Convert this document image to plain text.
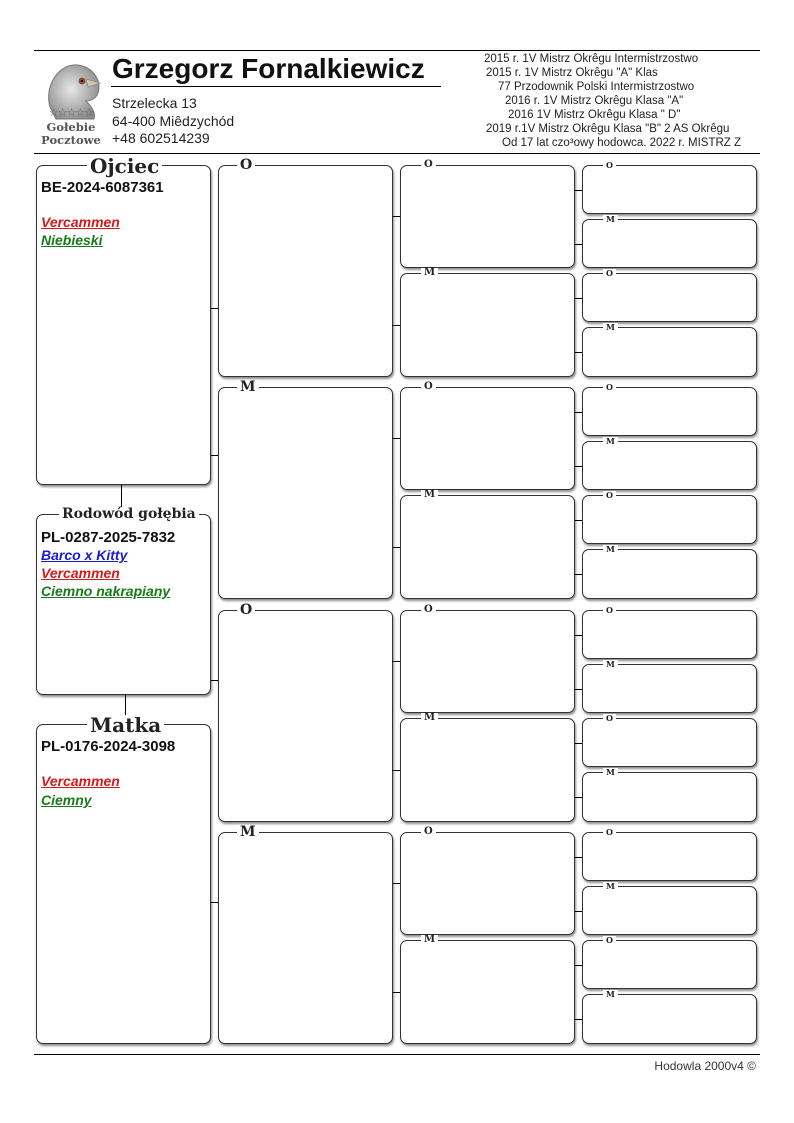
☆☆☆☆☆
Gołebie
Pocztowe
Grzegorz Fornalkiewicz
Strzelecka 13
64-400 Miêdzychód
+48 602514239
2015 r. 1V Mistrz Okrêgu Intermistrzostwo
2015 r. 1V Mistrz Okrêgu "A" Klas
77 Przodownik Polski Intermistrzostwo
2016 r. 1V Mistrz Okrêgu Klasa "A"
2016 1V Mistrz Okrêgu Klasa " D"
2019 r.1V Mistrz Okrêgu Klasa "B" 2 AS Okrêgu
Od 17 lat czo³owy hodowca. 2022 r. MISTRZ Z
Ojciec
BE-2024-6087361
Vercammen
Niebieski
Rodowód gołębia
PL-0287-2025-7832
Barco x Kitty
Vercammen
Ciemno nakrapiany
Matka
PL-0176-2024-3098
Vercammen
Ciemny
O
M
O
M
O
M
O
M
O
M
O
M
O
M
O
M
O
M
O
M
O
M
O
M
O
M
O
M
Hodowla 2000v4 ©
